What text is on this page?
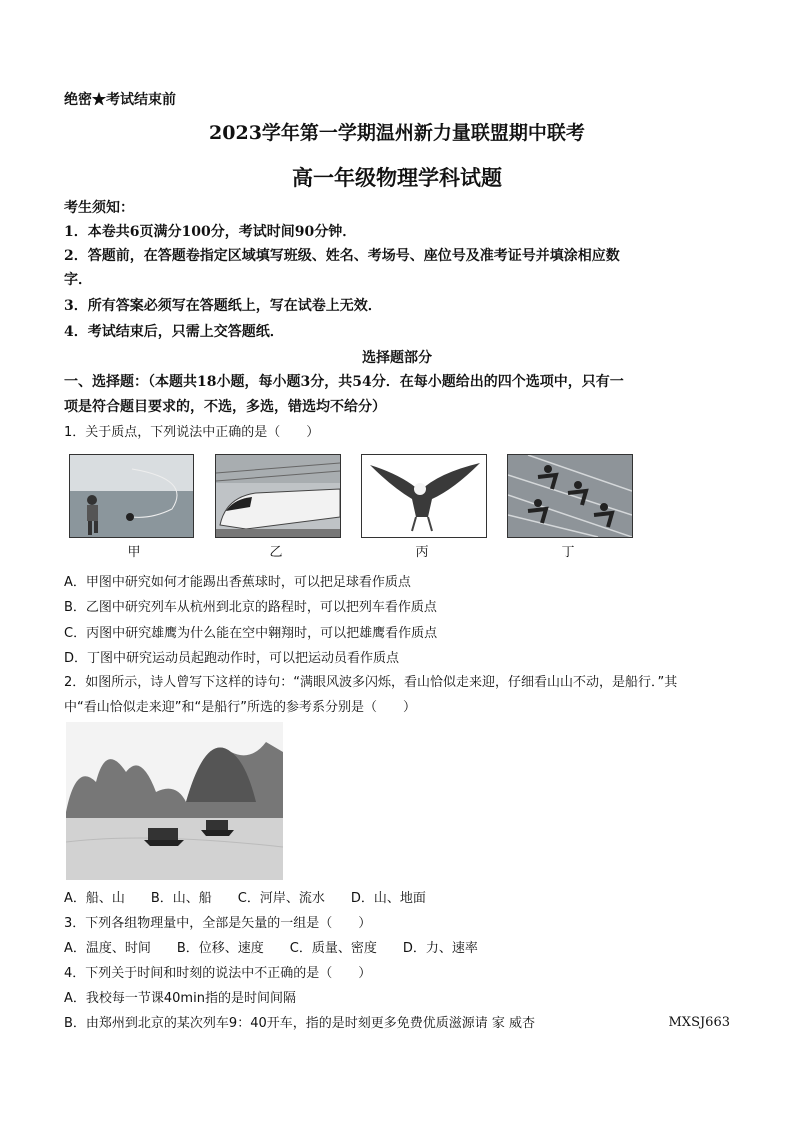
绝密★考试结束前
2023学年第一学期温州新力量联盟期中联考
高一年级物理学科试题
考生须知：
1．本卷共6页满分100分，考试时间90分钟．
2．答题前，在答题卷指定区域填写班级、姓名、考场号、座位号及准考证号并填涂相应数
字．
3．所有答案必须写在答题纸上，写在试卷上无效．
4．考试结束后，只需上交答题纸．
选择题部分
一、选择题：（本题共18小题，每小题3分，共54分．在每小题给出的四个选项中，只有一
项是符合题目要求的，不选，多选，错选均不给分）
1．关于质点，下列说法中正确的是（　　）
甲	乙	丙	丁
A．甲图中研究如何才能踢出香蕉球时，可以把足球看作质点
B．乙图中研究列车从杭州到北京的路程时，可以把列车看作质点
C．丙图中研究雄鹰为什么能在空中翱翔时，可以把雄鹰看作质点
D．丁图中研究运动员起跑动作时，可以把运动员看作质点
2．如图所示，诗人曾写下这样的诗句：“满眼风波多闪烁，看山恰似走来迎，仔细看山山不动，是船行．”其
中“看山恰似走来迎”和“是船行”所选的参考系分别是（　　）
A．船、山　　B．山、船　　C．河岸、流水　　D．山、地面
3．下列各组物理量中，全部是矢量的一组是（　　）
A．温度、时间　　B．位移、速度　　C．质量、密度　　D．力、速率
4．下列关于时间和时刻的说法中不正确的是（　　）
A．我校每一节课40min指的是时间间隔
B．由郑州到北京的某次列车9：40开车，指的是时刻更多免费优质滋源请 家 威杏	MXSJ663
